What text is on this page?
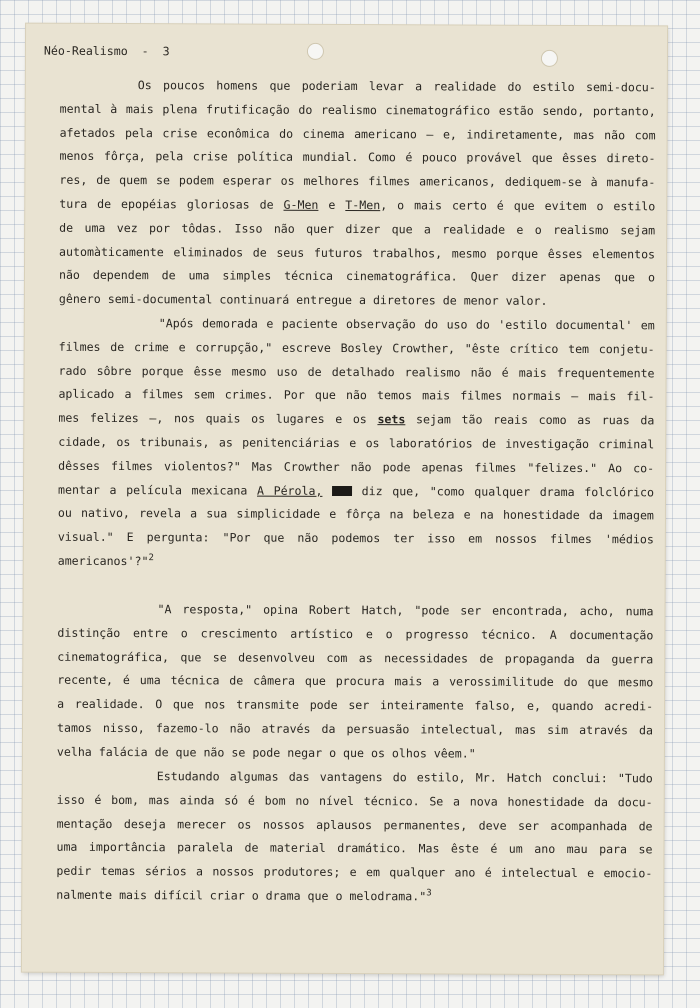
Néo-Realismo - 3
Os poucos homens que poderiam levar a realidade do estilo semi-docu-
mental à mais plena frutificação do realismo cinematográfico estão sendo, portanto,
afetados pela crise econômica do cinema americano — e, indiretamente, mas não com
menos fôrça, pela crise política mundial. Como é pouco provável que êsses direto-
res, de quem se podem esperar os melhores filmes americanos, dediquem-se à manufa-
tura de epopéias gloriosas de G-Men e T-Men, o mais certo é que evitem o estilo
de uma vez por tôdas. Isso não quer dizer que a realidade e o realismo sejam
automàticamente eliminados de seus futuros trabalhos, mesmo porque êsses elementos
não dependem de uma simples técnica cinematográfica. Quer dizer apenas que o
gênero semi-documental continuará entregue a diretores de menor valor.
"Após demorada e paciente observação do uso do 'estilo documental' em
filmes de crime e corrupção," escreve Bosley Crowther, "êste crítico tem conjetu-
rado sôbre porque êsse mesmo uso de detalhado realismo não é mais frequentemente
aplicado a filmes sem crimes. Por que não temos mais filmes normais — mais fil-
mes felizes —, nos quais os lugares e os sets sejam tão reais como as ruas da
cidade, os tribunais, as penitenciárias e os laboratórios de investigação criminal
dêsses filmes violentos?" Mas Crowther não pode apenas filmes "felizes." Ao co-
mentar a película mexicana A Pérola,	diz que, "como qualquer drama folclórico
ou nativo, revela a sua simplicidade e fôrça na beleza e na honestidade da imagem
visual." E pergunta: "Por que não podemos ter isso em nossos filmes 'médios
americanos'?"$^2$
"A resposta," opina Robert Hatch, "pode ser encontrada, acho, numa
distinção entre o crescimento artístico e o progresso técnico. A documentação
cinematográfica, que se desenvolveu com as necessidades de propaganda da guerra
recente, é uma técnica de câmera que procura mais a verossimilitude do que mesmo
a realidade. O que nos transmite pode ser inteiramente falso, e, quando acredi-
tamos nisso, fazemo-lo não através da persuasão intelectual, mas sim através da
velha falácia de que não se pode negar o que os olhos vêem."
Estudando algumas das vantagens do estilo, Mr. Hatch conclui: "Tudo
isso é bom, mas ainda só é bom no nível técnico. Se a nova honestidade da docu-
mentação deseja merecer os nossos aplausos permanentes, deve ser acompanhada de
uma importância paralela de material dramático. Mas êste é um ano mau para se
pedir temas sérios a nossos produtores; e em qualquer ano é intelectual e emocio-
nalmente mais difícil criar o drama que o melodrama."$^3$
